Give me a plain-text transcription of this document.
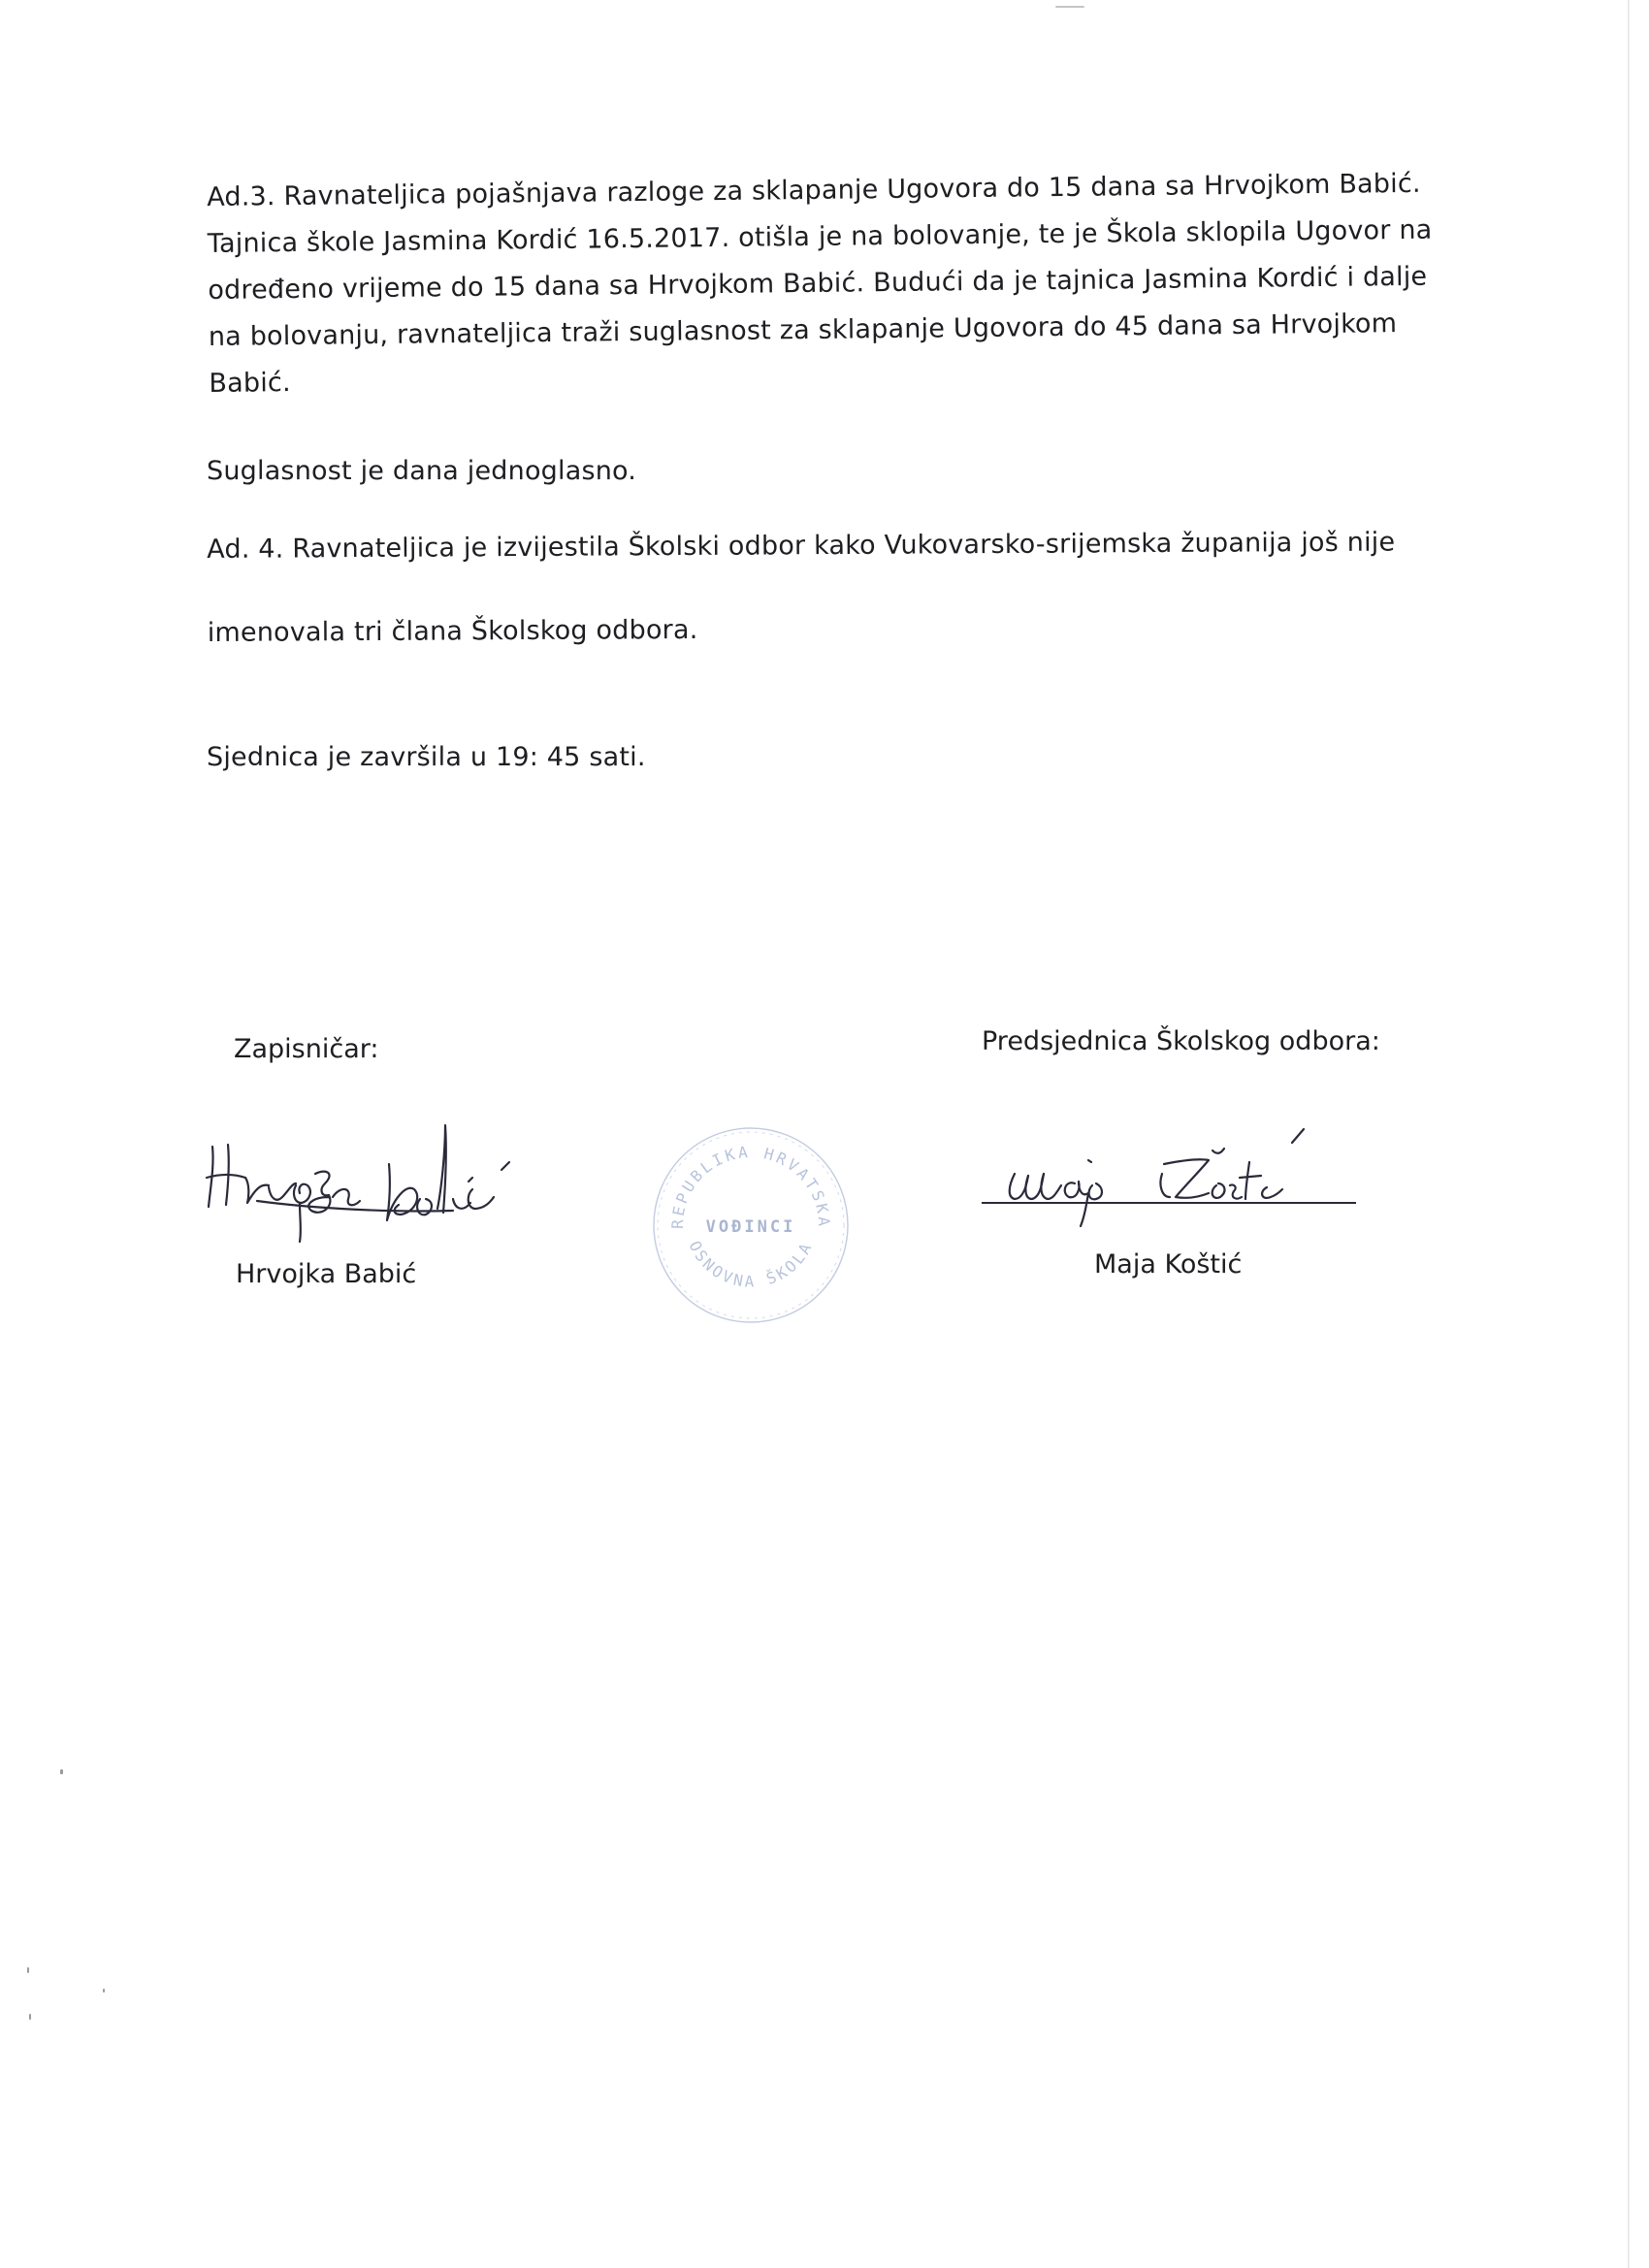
Ad.3. Ravnateljica pojašnjava razloge za sklapanje Ugovora do 15 dana sa Hrvojkom Babić. Tajnica škole Jasmina Kordić 16.5.2017. otišla je na bolovanje, te je Škola sklopila Ugovor na određeno vrijeme do 15 dana sa Hrvojkom Babić. Budući da je tajnica Jasmina Kordić i dalje na bolovanju, ravnateljica traži suglasnost za sklapanje Ugovora do 45 dana sa Hrvojkom Babić.

Suglasnost je dana jednoglasno.

Ad. 4. Ravnateljica je izvijestila Školski odbor kako Vukovarsko-srijemska županija još nije imenovala tri člana Školskog odbora.

Sjednica je završila u 19: 45 sati.

Zapisničar:	Predsjednica Školskog odbora:

REPUBLIKA HRVATSKA
VOĐINCI
OSNOVNA ŠKOLA

Hrvojka Babić	Maja Koštić
